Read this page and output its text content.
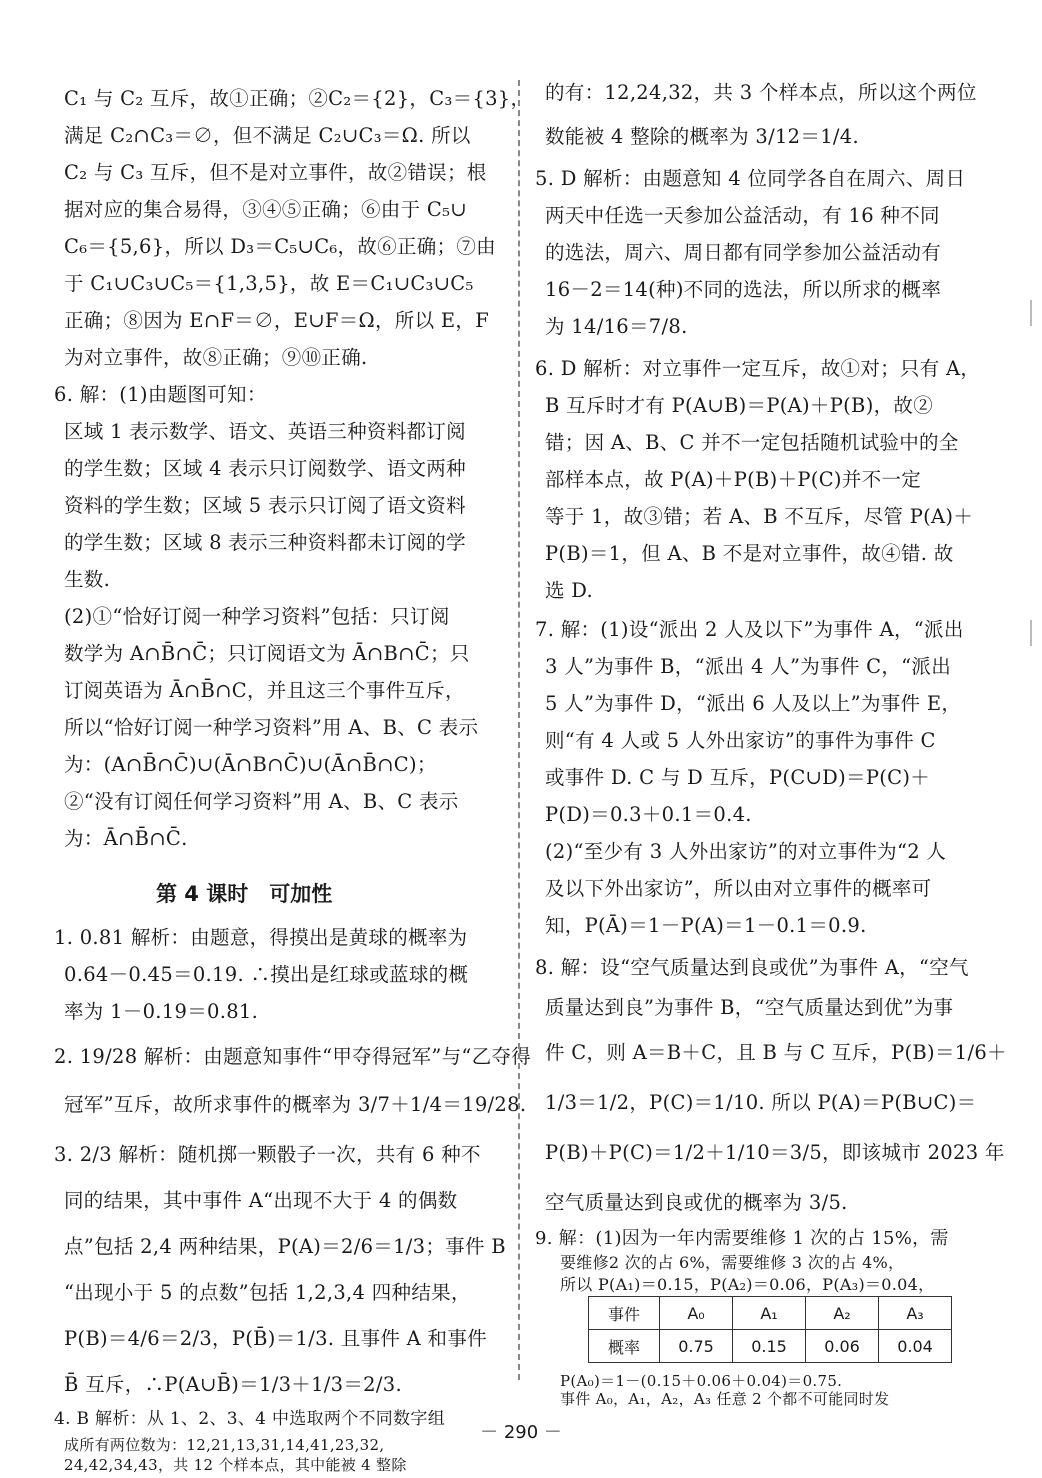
C₁ 与 C₂ 互斥，故①正确；②C₂＝{2}，C₃＝{3}，
满足 C₂∩C₃＝∅，但不满足 C₂∪C₃＝Ω. 所以
C₂ 与 C₃ 互斥，但不是对立事件，故②错误；根
据对应的集合易得，③④⑤正确；⑥由于 C₅∪
C₆＝{5,6}，所以 D₃＝C₅∪C₆，故⑥正确；⑦由
于 C₁∪C₃∪C₅＝{1,3,5}，故 E＝C₁∪C₃∪C₅
正确；⑧因为 E∩F＝∅，E∪F＝Ω，所以 E，F
为对立事件，故⑧正确；⑨⑩正确.
6. 解：(1)由题图可知：
区域 1 表示数学、语文、英语三种资料都订阅
的学生数；区域 4 表示只订阅数学、语文两种
资料的学生数；区域 5 表示只订阅了语文资料
的学生数；区域 8 表示三种资料都未订阅的学
生数.
(2)①“恰好订阅一种学习资料”包括：只订阅
数学为 A∩B̄∩C̄；只订阅语文为 Ā∩B∩C̄；只
订阅英语为 Ā∩B̄∩C，并且这三个事件互斥，
所以“恰好订阅一种学习资料”用 A、B、C 表示
为：(A∩B̄∩C̄)∪(Ā∩B∩C̄)∪(Ā∩B̄∩C)；
②“没有订阅任何学习资料”用 A、B、C 表示
为：Ā∩B̄∩C̄.
第 4 课时　可加性
1. 0.81 解析：由题意，得摸出是黄球的概率为
0.64－0.45＝0.19. ∴摸出是红球或蓝球的概
率为 1－0.19＝0.81.
2. 19/28 解析：由题意知事件“甲夺得冠军”与“乙夺得
冠军”互斥，故所求事件的概率为 3/7＋1/4＝19/28.
3. 2/3 解析：随机掷一颗骰子一次，共有 6 种不
同的结果，其中事件 A“出现不大于 4 的偶数
点”包括 2,4 两种结果，P(A)＝2/6＝1/3；事件 B
“出现小于 5 的点数”包括 1,2,3,4 四种结果，
P(B)＝4/6＝2/3，P(B̄)＝1/3. 且事件 A 和事件
B̄ 互斥，∴P(A∪B̄)＝1/3＋1/3＝2/3.
的有：12,24,32，共 3 个样本点，所以这个两位
数能被 4 整除的概率为 3/12＝1/4.
5. D 解析：由题意知 4 位同学各自在周六、周日
两天中任选一天参加公益活动，有 16 种不同
的选法，周六、周日都有同学参加公益活动有
16－2＝14(种)不同的选法，所以所求的概率
为 14/16＝7/8.
6. D 解析：对立事件一定互斥，故①对；只有 A，
B 互斥时才有 P(A∪B)＝P(A)＋P(B)，故②
错；因 A、B、C 并不一定包括随机试验中的全
部样本点，故 P(A)＋P(B)＋P(C)并不一定
等于 1，故③错；若 A、B 不互斥，尽管 P(A)＋
P(B)＝1，但 A、B 不是对立事件，故④错. 故
选 D.
7. 解：(1)设“派出 2 人及以下”为事件 A，“派出
3 人”为事件 B，“派出 4 人”为事件 C，“派出
5 人”为事件 D，“派出 6 人及以上”为事件 E，
则“有 4 人或 5 人外出家访”的事件为事件 C
或事件 D. C 与 D 互斥，P(C∪D)＝P(C)＋
P(D)＝0.3＋0.1＝0.4.
(2)“至少有 3 人外出家访”的对立事件为“2 人
及以下外出家访”，所以由对立事件的概率可
知，P(Ā)＝1－P(A)＝1－0.1＝0.9.
8. 解：设“空气质量达到良或优”为事件 A，“空气
质量达到良”为事件 B，“空气质量达到优”为事
件 C，则 A＝B＋C，且 B 与 C 互斥，P(B)＝1/6＋
1/3＝1/2，P(C)＝1/10. 所以 P(A)＝P(B∪C)＝
P(B)＋P(C)＝1/2＋1/10＝3/5，即该城市 2023 年
空气质量达到良或优的概率为 3/5.
9. 解：(1)因为一年内需要维修 1 次的占 15%，需
事件	A₀	A₁	A₂	A₃
概率	0.75	0.15	0.06	0.04
－ 290 －
4. B 解析：从 1、2、3、4 中选取两个不同数字组
成所有两位数为：12,21,13,31,14,41,23,32,
24,42,34,43，共 12 个样本点，其中能被 4 整除
要维修2 次的占 6%，需要维修 3 次的占 4%，
所以 P(A₁)＝0.15，P(A₂)＝0.06，P(A₃)＝0.04，
P(A₀)＝1－(0.15＋0.06＋0.04)＝0.75.
事件 A₀，A₁，A₂，A₃ 任意 2 个都不可能同时发
